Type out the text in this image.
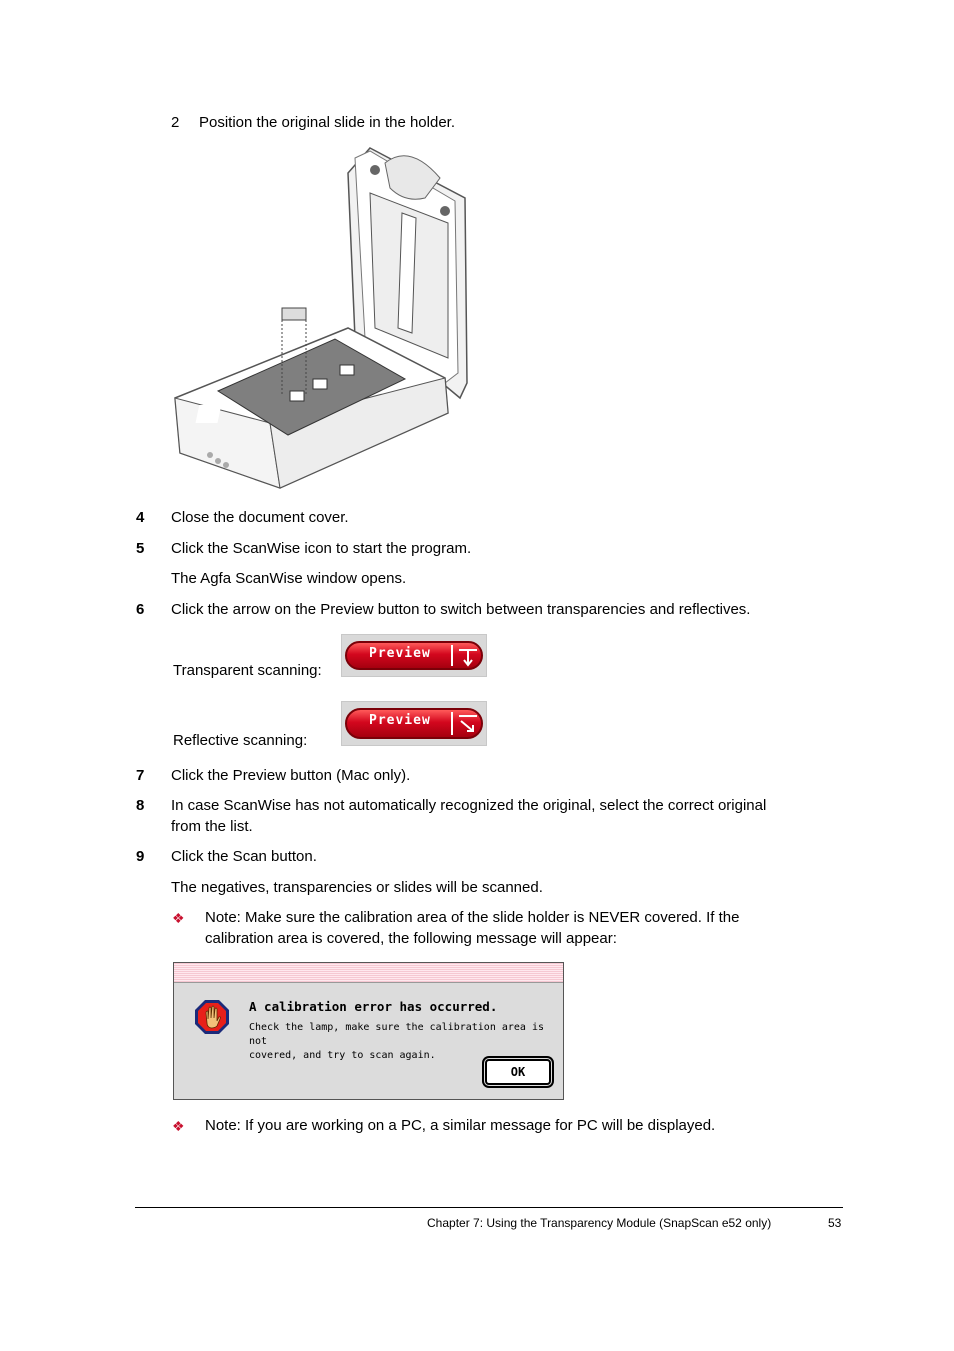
2 Position the original slide in the holder.
4 Close the document cover.
5 Click the ScanWise icon to start the program.
The Agfa ScanWise window opens.
6 Click the arrow on the Preview button to switch between transparencies and reflectives.
Transparent scanning:
Preview
Reflective scanning:
Preview
7 Click the Preview button (Mac only).
8 In case ScanWise has not automatically recognized the original, select the correct original
from the list.
9 Click the Scan button.
The negatives, transparencies or slides will be scanned.
❖ Note: Make sure the calibration area of the slide holder is NEVER covered. If the
calibration area is covered, the following message will appear:
A calibration error has occurred.
Check the lamp, make sure the calibration area is not
covered, and try to scan again.
OK
❖ Note: If you are working on a PC, a similar message for PC will be displayed.
Chapter 7: Using the Transparency Module (SnapScan e52 only)	53
